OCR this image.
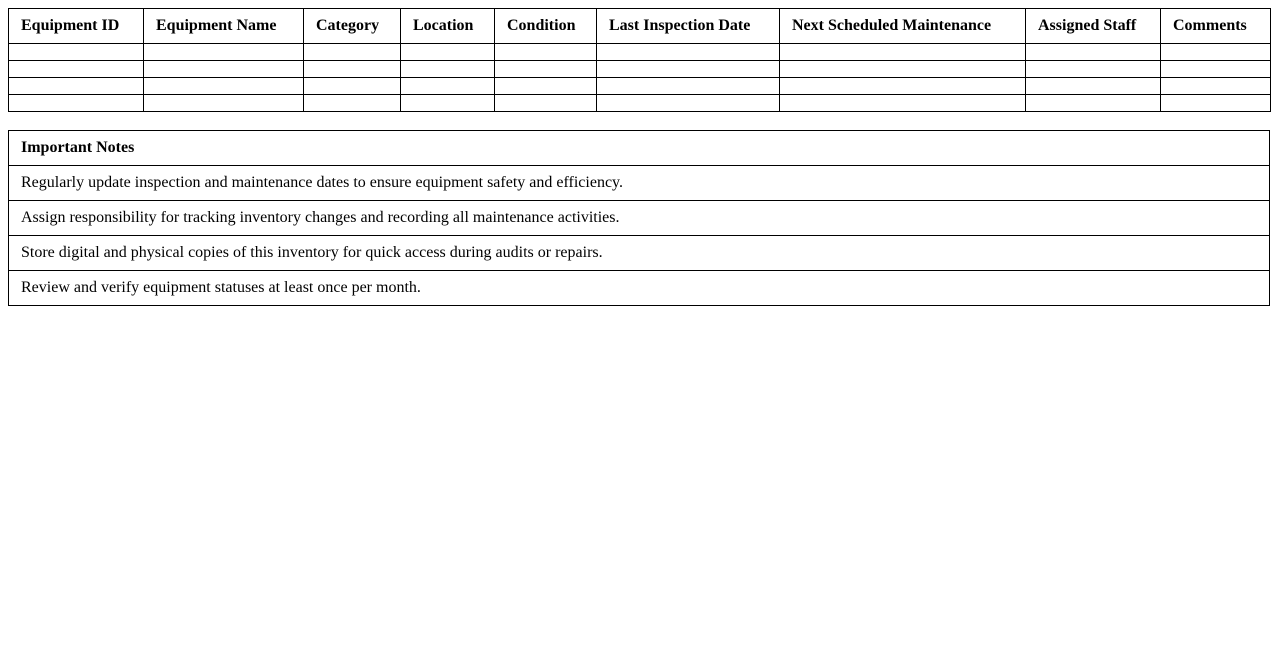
Equipment ID	Equipment Name	Category	Location	Condition	Last Inspection Date	Next Scheduled Maintenance	Assigned Staff	Comments

Important Notes
Regularly update inspection and maintenance dates to ensure equipment safety and efficiency.
Assign responsibility for tracking inventory changes and recording all maintenance activities.
Store digital and physical copies of this inventory for quick access during audits or repairs.
Review and verify equipment statuses at least once per month.
